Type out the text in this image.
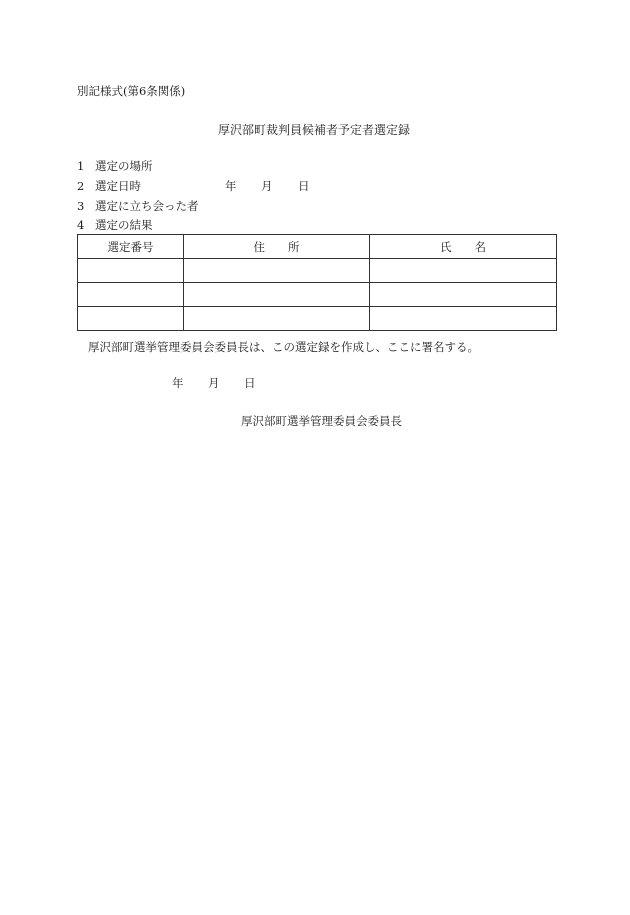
別記様式(第6条関係)
厚沢部町裁判員候補者予定者選定録
1 選定の場所
2 選定日時	年 月 日
3 選定に立ち会った者
4 選定の結果
選定番号	住　　所	氏　　名

厚沢部町選挙管理委員会委員長は、この選定録を作成し、ここに署名する。
年 月 日
厚沢部町選挙管理委員会委員長
